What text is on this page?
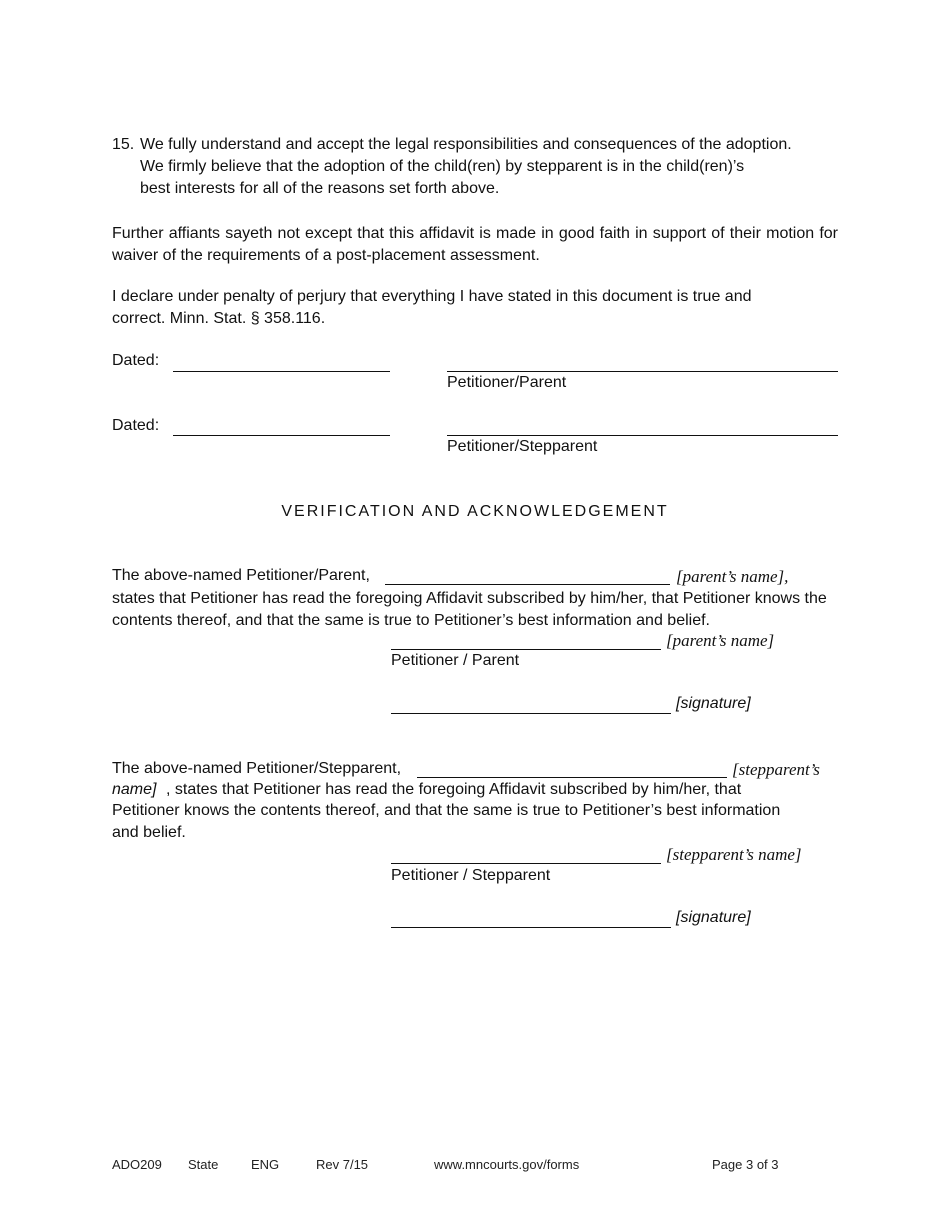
15. We fully understand and accept the legal responsibilities and consequences of the adoption.
We firmly believe that the adoption of the child(ren) by stepparent is in the child(ren)’s
best interests for all of the reasons set forth above.
Further affiants sayeth not except that this affidavit is made in good faith in support of their motion for waiver of the requirements of a post-placement assessment.
I declare under penalty of perjury that everything I have stated in this document is true and
correct. Minn. Stat. § 358.116.
Dated:
Petitioner/Parent
Dated:
Petitioner/Stepparent
VERIFICATION AND ACKNOWLEDGEMENT
The above-named Petitioner/Parent,	[parent’s name],
states that Petitioner has read the foregoing Affidavit subscribed by him/her, that Petitioner knows the contents thereof, and that the same is true to Petitioner’s best information and belief.
[parent’s name]
Petitioner / Parent
[signature]
The above-named Petitioner/Stepparent,	[stepparent’s
name] , states that Petitioner has read the foregoing Affidavit subscribed by him/her, that
Petitioner knows the contents thereof, and that the same is true to Petitioner’s best information
and belief.
[stepparent’s name]
Petitioner / Stepparent
[signature]
ADO209 State	ENG	Rev 7/15	www.mncourts.gov/forms	Page 3 of 3
